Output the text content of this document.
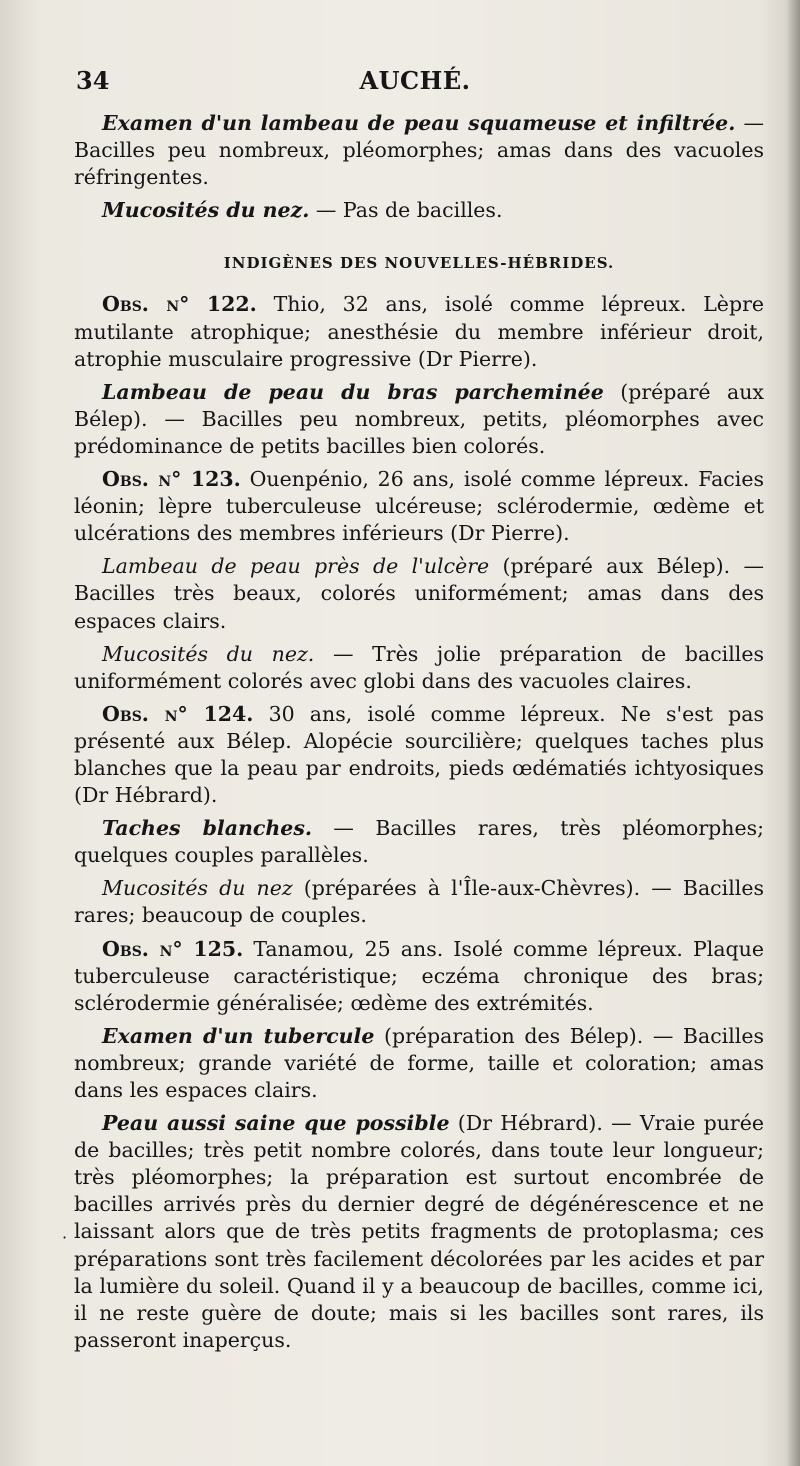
34	AUCHÉ.

Examen d'un lambeau de peau squameuse et infiltrée. — Bacilles peu nombreux, pléomorphes; amas dans des vacuoles réfringentes.

Mucosités du nez. — Pas de bacilles.

INDIGÈNES DES NOUVELLES-HÉBRIDES.

Obs. n° 122. Thio, 32 ans, isolé comme lépreux. Lèpre mutilante atrophique; anesthésie du membre inférieur droit, atrophie musculaire progressive (Dr Pierre).

Lambeau de peau du bras parcheminée (préparé aux Bélep). — Bacilles peu nombreux, petits, pléomorphes avec prédominance de petits bacilles bien colorés.

Obs. n° 123. Ouenpénio, 26 ans, isolé comme lépreux. Facies léonin; lèpre tuberculeuse ulcéreuse; sclérodermie, œdème et ulcérations des membres inférieurs (Dr Pierre).

Lambeau de peau près de l'ulcère (préparé aux Bélep). — Bacilles très beaux, colorés uniformément; amas dans des espaces clairs.

Mucosités du nez. — Très jolie préparation de bacilles uniformément colorés avec globi dans des vacuoles claires.

Obs. n° 124. 30 ans, isolé comme lépreux. Ne s'est pas présenté aux Bélep. Alopécie sourcilière; quelques taches plus blanches que la peau par endroits, pieds œdématiés ichtyosiques (Dr Hébrard).

Taches blanches. — Bacilles rares, très pléomorphes; quelques couples parallèles.

Mucosités du nez (préparées à l'Île-aux-Chèvres). — Bacilles rares; beaucoup de couples.

Obs. n° 125. Tanamou, 25 ans. Isolé comme lépreux. Plaque tuberculeuse caractéristique; eczéma chronique des bras; sclérodermie généralisée; œdème des extrémités.

Examen d'un tubercule (préparation des Bélep). — Bacilles nombreux; grande variété de forme, taille et coloration; amas dans les espaces clairs.

Peau aussi saine que possible (Dr Hébrard). — Vraie purée de bacilles; très petit nombre colorés, dans toute leur longueur; très pléomorphes; la préparation est surtout encombrée de bacilles arrivés près du dernier degré de dégénérescence et ne laissant alors que de très petits fragments de protoplasma; ces préparations sont très facilement décolorées par les acides et par la lumière du soleil. Quand il y a beaucoup de bacilles, comme ici, il ne reste guère de doute; mais si les bacilles sont rares, ils passeront inaperçus.

·
